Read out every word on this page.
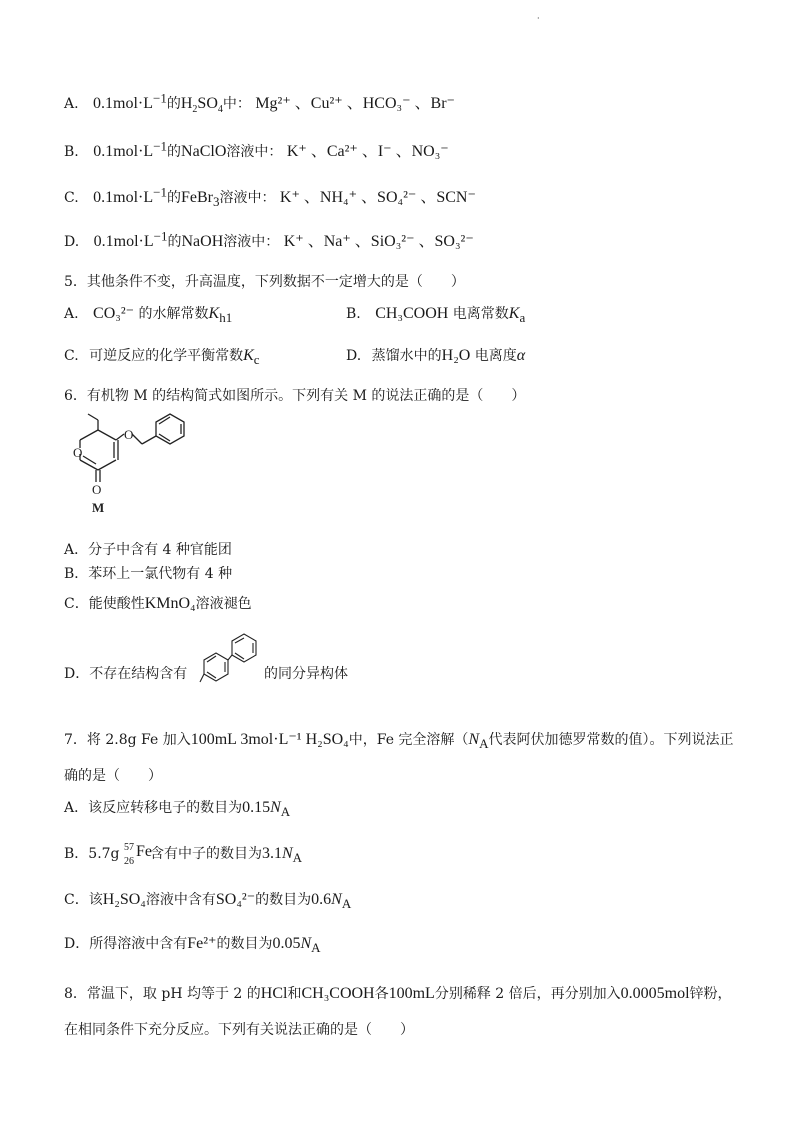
·
A. $0.1mol\cdot L^{-1}$的$H_2SO_4$中： Mg²⁺ 、Cu²⁺ 、HCO₃⁻ 、Br⁻
B. $0.1mol\cdot L^{-1}$的NaClO溶液中： K⁺ 、Ca²⁺ 、I⁻ 、NO₃⁻
C. $0.1mol\cdot L^{-1}$的FeBr$_3$溶液中： K⁺ 、NH₄⁺ 、SO₄²⁻ 、SCN⁻
D. $0.1mol\cdot L^{-1}$的NaOH溶液中： K⁺ 、Na⁺ 、SiO₃²⁻ 、SO₃²⁻
5．其他条件不变，升高温度，下列数据不一定增大的是（　　）
A. CO₃²⁻ 的水解常数$K_{h1}$	B. CH₃COOH 电离常数$K_a$
C. 可逆反应的化学平衡常数$K_c$	D. 蒸馏水中的H₂O 电离度α
6．有机物 M 的结构简式如图所示。下列有关 M 的说法正确的是（　　）
O
O
O
M
A．分子中含有 4 种官能团
B．苯环上一氯代物有 4 种
C．能使酸性KMnO₄溶液褪色
D．不存在结构含有	的同分异构体
7．将 2.8g Fe 加入100mL 3mol·L⁻¹ H₂SO₄中，Fe 完全溶解（$N_A$代表阿伏加德罗常数的值）。下列说法正
确的是（　　）
A．该反应转移电子的数目为$0.15N_A$
B．5.7g 57
26
Fe
含有中子的数目为$3.1N_A$
C．该H₂SO₄溶液中含有SO₄²⁻的数目为$0.6N_A$
D．所得溶液中含有Fe²⁺的数目为$0.05N_A$
8．常温下，取 pH 均等于 2 的HCl和CH₃COOH各100mL分别稀释 2 倍后，再分别加入0.0005mol锌粉，
在相同条件下充分反应。下列有关说法正确的是（　　）
